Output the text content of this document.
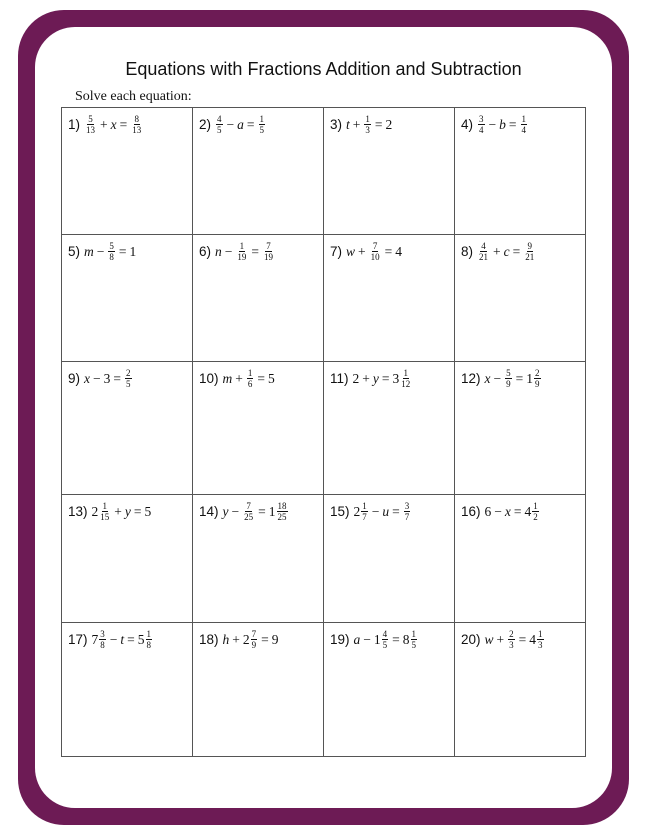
Equations with Fractions Addition and Subtraction
Solve each equation:
$1) \frac{5}{13} + x = \frac{8}{13}$	$2) \frac{4}{5} - a = \frac{1}{5}$	3) $t + \frac{1}{3} = 2$	$4) \frac{3}{4} - b = \frac{1}{4}$
5) $m - \frac{5}{8} = 1$	6) $n - \frac{1}{19} = \frac{7}{19}$	7) $w + \frac{7}{10} = 4$	$8) \frac{4}{21} + c = \frac{9}{21}$
9) $x - 3 = \frac{2}{5}$	10) $m + \frac{1}{6} = 5$	11) $2 + y = 3 \frac{1}{12}$	12) $x - \frac{5}{9} = 1 \frac{2}{9}$
13) $2 \frac{1}{15} + y = 5$	14) $y - \frac{7}{25} = 1 \frac{18}{25}$	15) $2 \frac{1}{7} - u = \frac{3}{7}$	16) $6 - x = 4 \frac{1}{2}$
17) $7 \frac{3}{8} - t = 5 \frac{1}{8}$	18) $h + 2 \frac{7}{9} = 9$	19) $a - 1 \frac{4}{5} = 8 \frac{1}{5}$	20) $w + \frac{2}{3} = 4 \frac{1}{3}$
